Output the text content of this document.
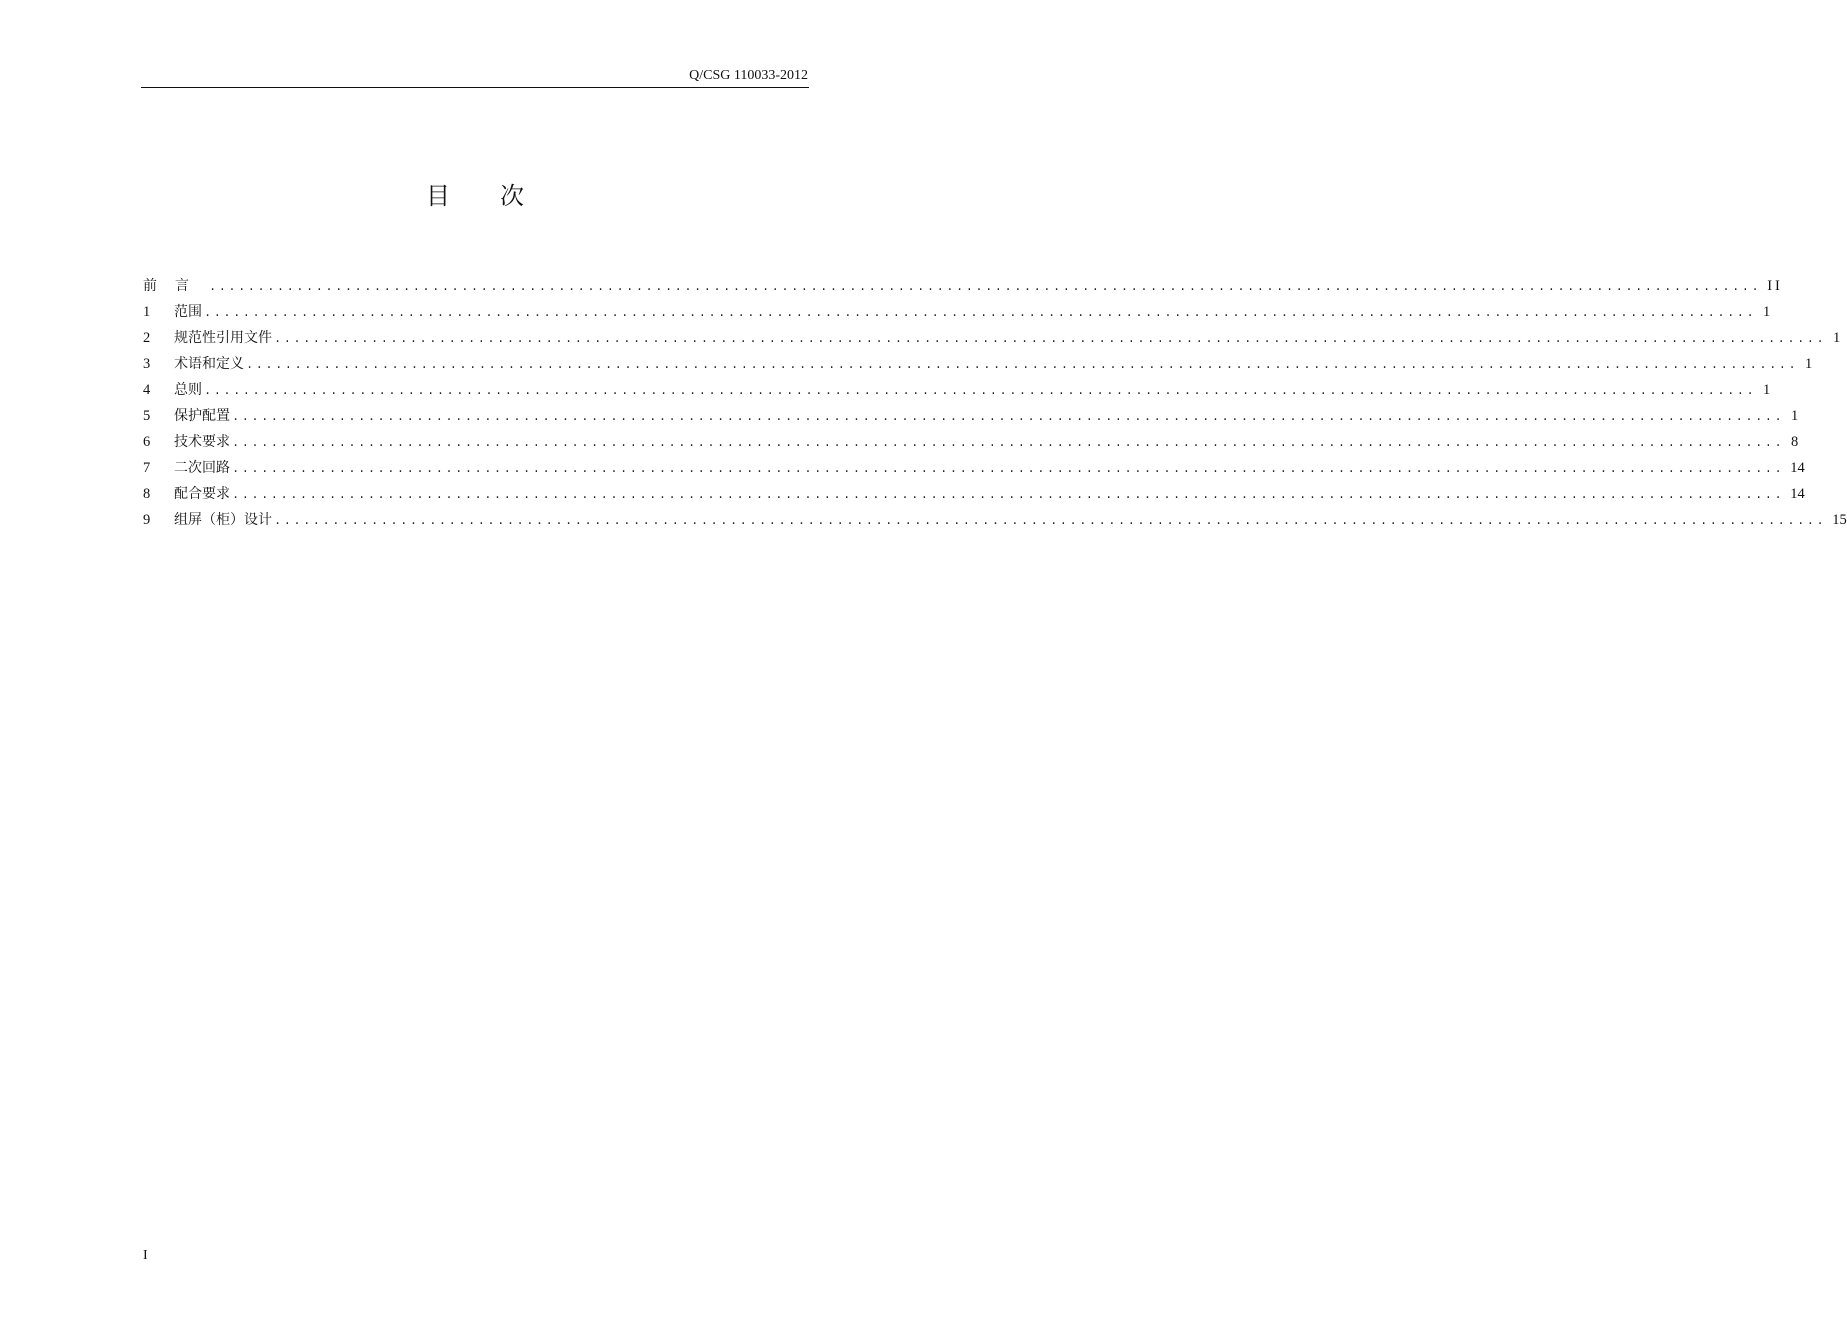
Q/CSG 110033-2012
目次
前言 ................................................................................................................................................................ II
1	范围 ................................................................................................................................................................ 1
2	规范性引用文件 ................................................................................................................................................................ 1
3	术语和定义 ................................................................................................................................................................ 1
4	总则 ................................................................................................................................................................ 1
5	保护配置 ................................................................................................................................................................ 1
6	技术要求 ................................................................................................................................................................ 8
7	二次回路 ................................................................................................................................................................ 14
8	配合要求 ................................................................................................................................................................ 14
9	组屏（柜）设计 ................................................................................................................................................................ 15
I
